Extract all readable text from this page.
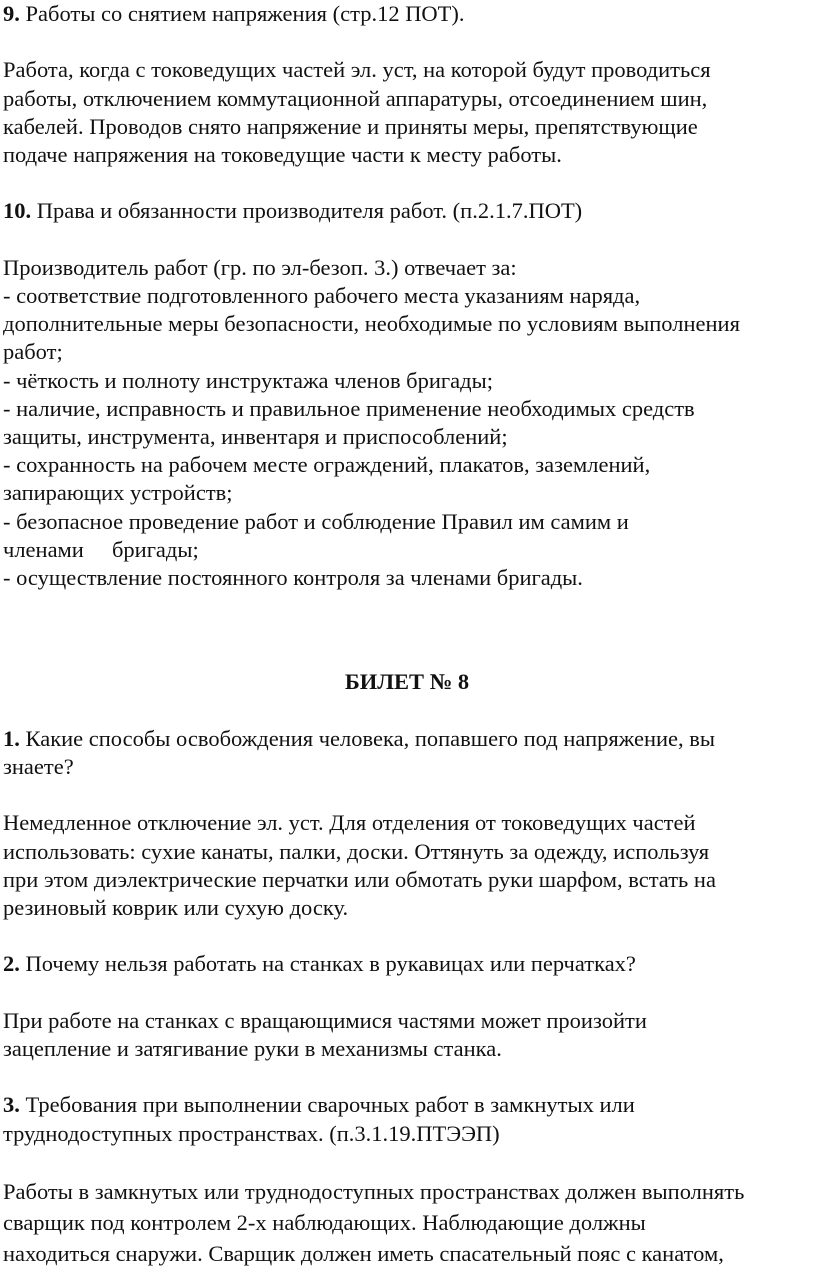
9. Работы со снятием напряжения (стр.12 ПОТ).
Работа, когда с токоведущих частей эл. уст, на которой будут проводиться
работы, отключением коммутационной аппаратуры, отсоединением шин,
кабелей. Проводов снято напряжение и приняты меры, препятствующие
подаче напряжения на токоведущие части к месту работы.
10. Права и обязанности производителя работ. (п.2.1.7.ПОТ)
Производитель работ (гр. по эл-безоп. 3.) отвечает за:
- соответствие подготовленного рабочего места указаниям наряда,
дополнительные меры безопасности, необходимые по условиям выполнения
работ;
- чёткость и полноту инструктажа членов бригады;
- наличие, исправность и правильное применение необходимых средств
защиты, инструмента, инвентаря и приспособлений;
- сохранность на рабочем месте ограждений, плакатов, заземлений,
запирающих устройств;
- безопасное проведение работ и соблюдение Правил им самим и
членами     бригады;
- осуществление постоянного контроля за членами бригады.
БИЛЕТ № 8
1. Какие способы освобождения человека, попавшего под напряжение, вы
знаете?
Немедленное отключение эл. уст. Для отделения от токоведущих частей
использовать: сухие канаты, палки, доски. Оттянуть за одежду, используя
при этом диэлектрические перчатки или обмотать руки шарфом, встать на
резиновый коврик или сухую доску.
2. Почему нельзя работать на станках в рукавицах или перчатках?
При работе на станках с вращающимися частями может произойти
зацепление и затягивание руки в механизмы станка.
3. Требования при выполнении сварочных работ в замкнутых или
труднодоступных пространствах. (п.3.1.19.ПТЭЭП)
Работы в замкнутых или труднодоступных пространствах должен выполнять
сварщик под контролем 2-х наблюдающих. Наблюдающие должны
находиться снаружи. Сварщик должен иметь спасательный пояс с канатом,
